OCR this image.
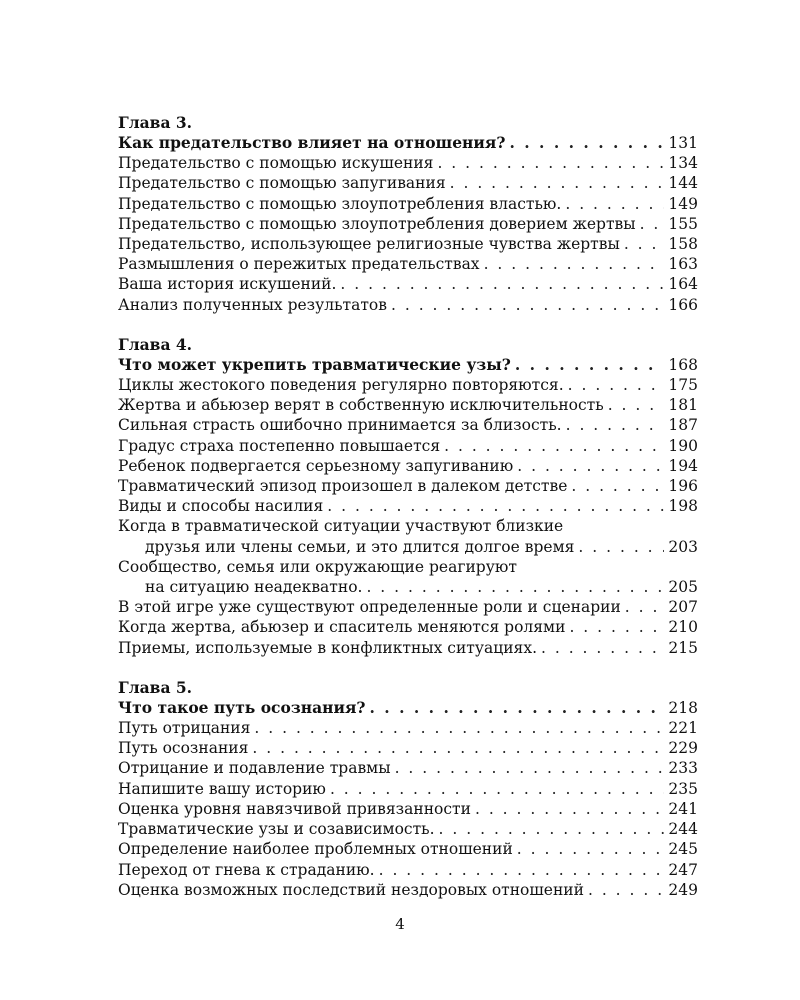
Глава 3.
Как предательство влияет на отношения? . . .	131
Предательство с помощью искушения . . .	134
Предательство с помощью запугивания . . .	144
Предательство с помощью злоупотребления властью. . . .	149
Предательство с помощью злоупотребления доверием жертвы . . . 155
Предательство, использующее религиозные чувства жертвы . . .	158
Размышления о пережитых предательствах . . .	163
Ваша история искушений. . . .	164
Анализ полученных результатов . . .	166
Глава 4.
Что может укрепить травматические узы? . . .	168
Циклы жестокого поведения регулярно повторяются. . . .	175
Жертва и абьюзер верят в собственную исключительность . . .	181
Сильная страсть ошибочно принимается за близость. . . .	187
Градус страха постепенно повышается . . .	190
Ребенок подвергается серьезному запугиванию . . .	194
Травматический эпизод произошел в далеком детстве . . .	196
Виды и способы насилия . . .	198
Когда в травматической ситуации участвуют близкие
друзья или члены семьи, и это длится долгое время . . .	203
Сообщество, семья или окружающие реагируют
на ситуацию неадекватно. . . .	205
В этой игре уже существуют определенные роли и сценарии . . .	207
Когда жертва, абьюзер и спаситель меняются ролями . . .	210
Приемы, используемые в конфликтных ситуациях. . . .	215
Глава 5.
Что такое путь осознания? . . .	218
Путь отрицания . . .	221
Путь осознания . . .	229
Отрицание и подавление травмы . . .	233
Напишите вашу историю . . .	235
Оценка уровня навязчивой привязанности . . .	241
Травматические узы и созависимость. . . .	244
Определение наиболее проблемных отношений . . .	245
Переход от гнева к страданию. . . .	247
Оценка возможных последствий нездоровых отношений . . .	249
4
